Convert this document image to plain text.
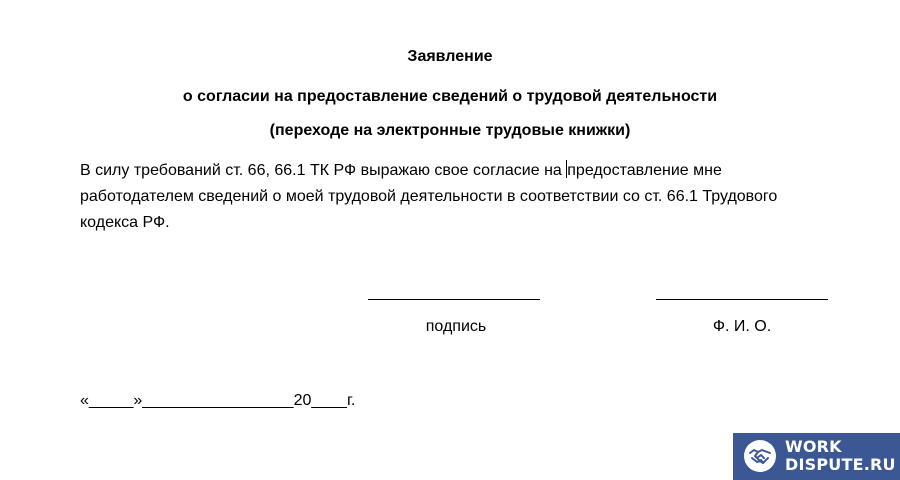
Заявление

о согласии на предоставление сведений о трудовой деятельности

(переходе на электронные трудовые книжки)

В силу требований ст. 66, 66.1 ТК РФ выражаю свое согласие на предоставление мне работодателем сведений о моей трудовой деятельности в соответствии со ст. 66.1 Трудового кодекса РФ.

подпись	Ф. И. О.
«_____»_________________20____г.
WORK
DISPUTE.RU
